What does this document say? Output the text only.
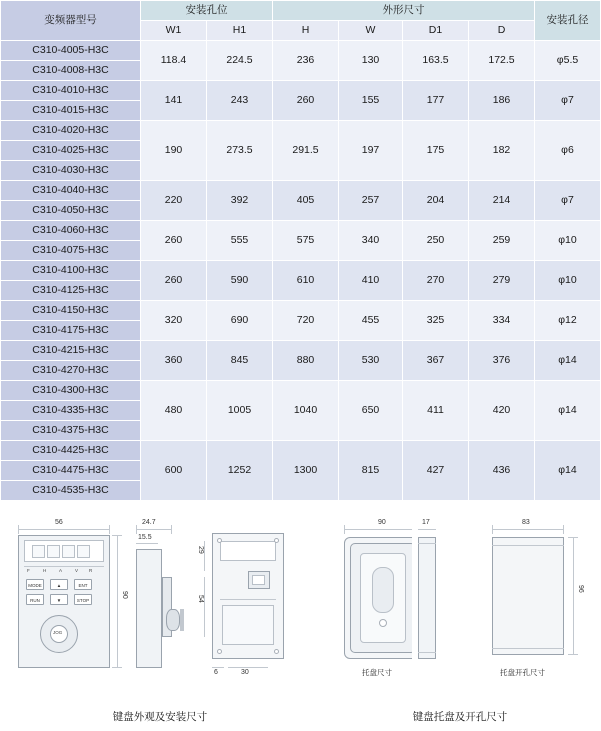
变频器型号	安装孔位		外形尺寸				安装孔径
	W1	H1	H	W	D1	D	
C310-4005-H3C	118.4	224.5	236	130	163.5	172.5	φ5.5
C310-4008-H3C							
C310-4010-H3C	141	243	260	155	177	186	φ7
C310-4015-H3C							
C310-4020-H3C	190	273.5	291.5	197	175	182	φ6
C310-4025-H3C							
C310-4030-H3C							
C310-4040-H3C	220	392	405	257	204	214	φ7
C310-4050-H3C							
C310-4060-H3C	260	555	575	340	250	259	φ10
C310-4075-H3C							
C310-4100-H3C	260	590	610	410	270	279	φ10
C310-4125-H3C							
C310-4150-H3C	320	690	720	455	325	334	φ12
C310-4175-H3C							
C310-4215-H3C	360	845	880	530	367	376	φ14
C310-4270-H3C							
C310-4300-H3C	480	1005	1040	650	411	420	φ14
C310-4335-H3C							
C310-4375-H3C							
C310-4425-H3C	600	1252	1300	815	427	436	φ14
C310-4475-H3C							
C310-4535-H3C							
56
F	H	A	V R
MODE	▲	ENT
RUN	▼	STOP
JOG
90
24.7
15.5
29
54
6	30
90
托盘尺寸
17	83
96
托盘开孔尺寸
键盘外观及安装尺寸	键盘托盘及开孔尺寸
